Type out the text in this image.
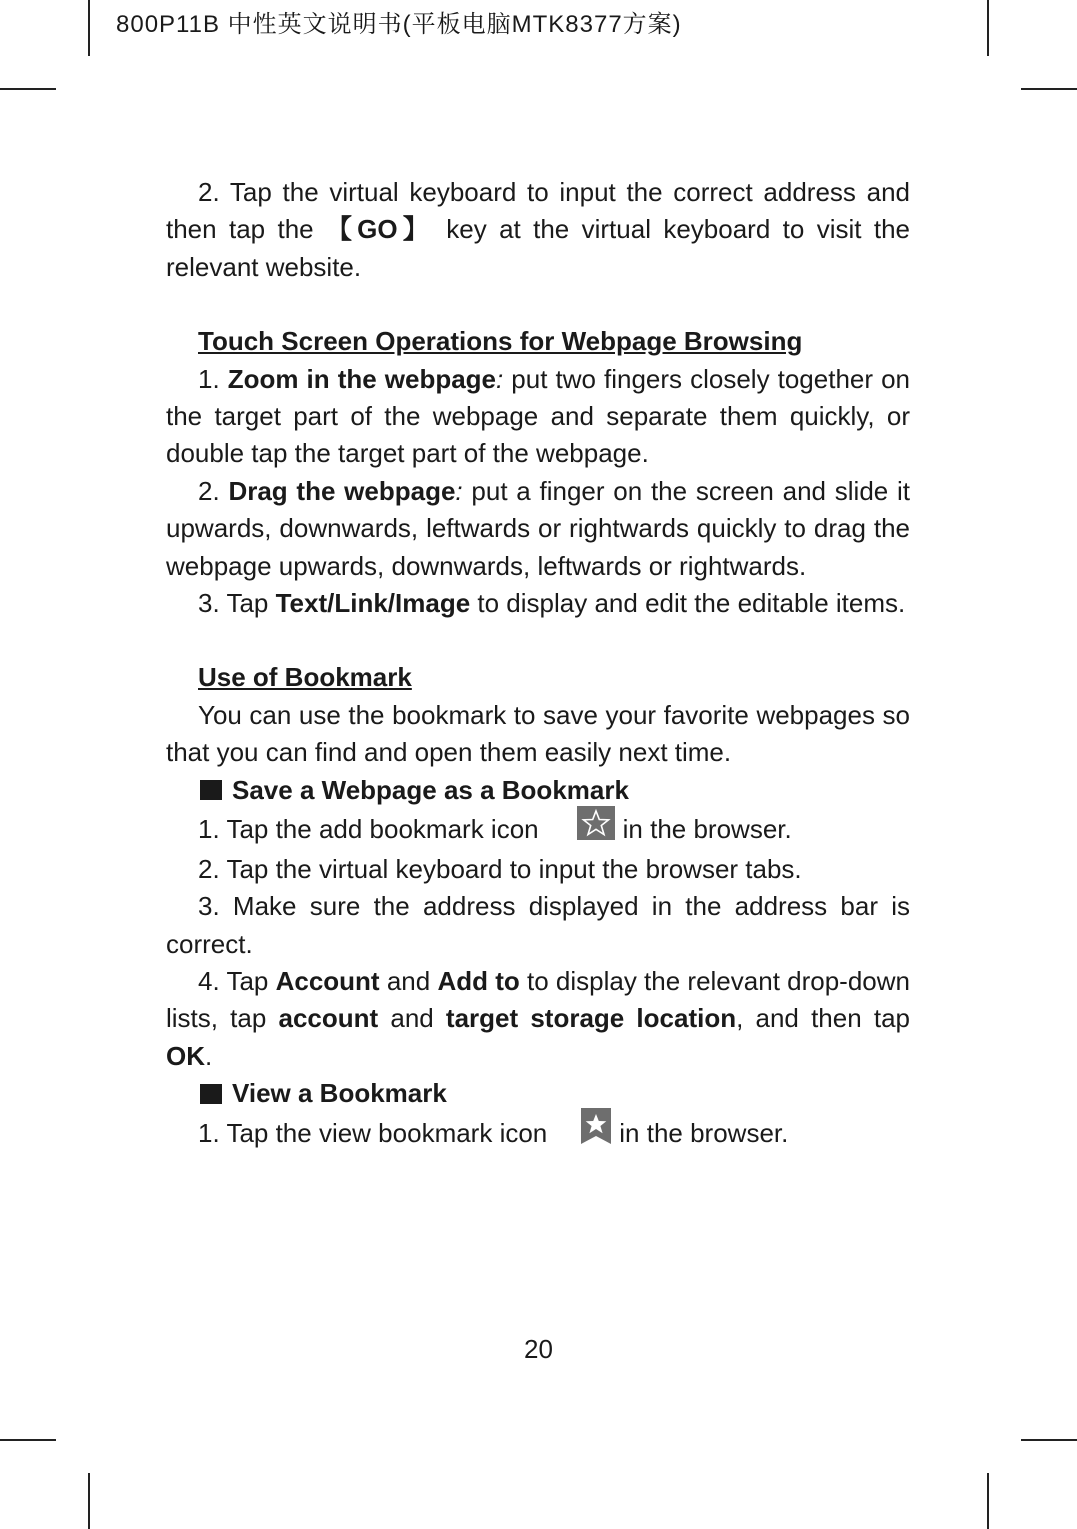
800P11B 中性英文说明书(平板电脑MTK8377方案)

2. Tap the virtual keyboard to input the correct address and then tap the 【GO】 key at the virtual keyboard to visit the relevant website.

Touch Screen Operations for Webpage Browsing

1. Zoom in the webpage: put two fingers closely together on the target part of the webpage and separate them quickly, or double tap the target part of the webpage.

2. Drag the webpage: put a finger on the screen and slide it upwards, downwards, leftwards or rightwards quickly to drag the webpage upwards, downwards, leftwards or rightwards.

3. Tap Text/Link/Image to display and edit the editable items.

Use of Bookmark

You can use the bookmark to save your favorite webpages so that you can find and open them easily next time.

Save a Webpage as a Bookmark

1. Tap the add bookmark icon	in the browser.

2. Tap the virtual keyboard to input the browser tabs.

3. Make sure the address displayed in the address bar is correct.

4. Tap Account and Add to to display the relevant drop-down lists, tap account and target storage location, and then tap OK.

View a Bookmark

1. Tap the view bookmark icon	in the browser.

20
